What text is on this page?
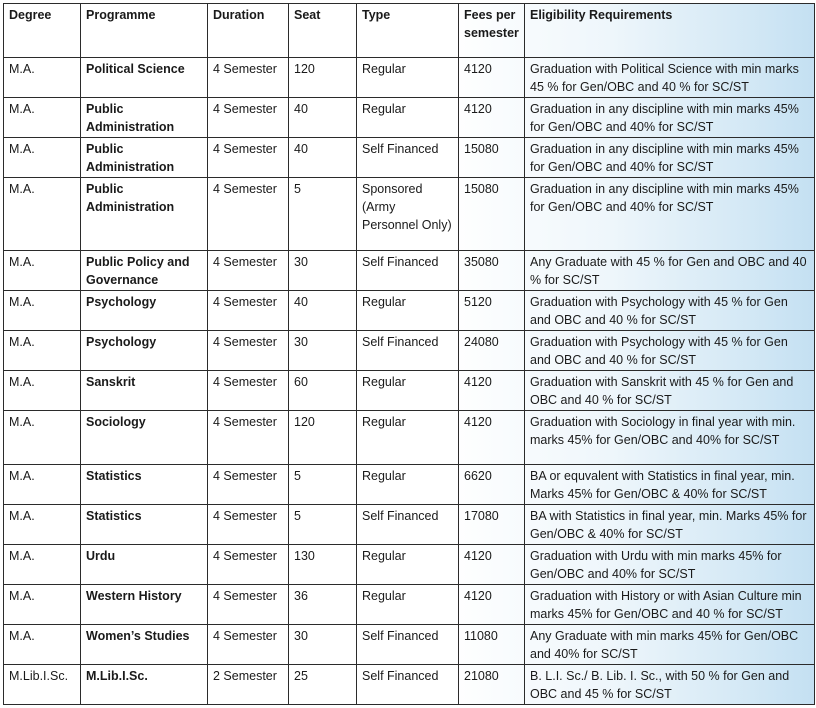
Degree	Programme	Duration	Seat	Type	Fees per semester	Eligibility Requirements
M.A.	Political Science	4 Semester	120	Regular	4120	Graduation with Political Science with min marks 45 % for Gen/OBC and 40 % for SC/ST
M.A.	Public Administration	4 Semester	40	Regular	4120	Graduation in any discipline with min marks 45% for Gen/OBC and 40% for SC/ST
M.A.	Public Administration	4 Semester	40	Self Financed	15080	Graduation in any discipline with min marks 45% for Gen/OBC and 40% for SC/ST
M.A.	Public Administration	4 Semester	5	Sponsored (Army Personnel Only)	15080	Graduation in any discipline with min marks 45% for Gen/OBC and 40% for SC/ST
M.A.	Public Policy and Governance	4 Semester	30	Self Financed	35080	Any Graduate with 45 % for Gen and OBC and 40 % for SC/ST
M.A.	Psychology	4 Semester	40	Regular	5120	Graduation with Psychology with 45 % for Gen and OBC and 40 % for SC/ST
M.A.	Psychology	4 Semester	30	Self Financed	24080	Graduation with Psychology with 45 % for Gen and OBC and 40 % for SC/ST
M.A.	Sanskrit	4 Semester	60	Regular	4120	Graduation with Sanskrit with 45 % for Gen and OBC and 40 % for SC/ST
M.A.	Sociology	4 Semester	120	Regular	4120	Graduation with Sociology in final year with min. marks 45% for Gen/OBC and 40% for SC/ST
M.A.	Statistics	4 Semester	5	Regular	6620	BA or equvalent with Statistics in final year, min. Marks 45% for Gen/OBC & 40% for SC/ST
M.A.	Statistics	4 Semester	5	Self Financed	17080	BA with Statistics in final year, min. Marks 45% for Gen/OBC & 40% for SC/ST
M.A.	Urdu	4 Semester	130	Regular	4120	Graduation with Urdu with min marks 45% for Gen/OBC and 40% for SC/ST
M.A.	Western History	4 Semester	36	Regular	4120	Graduation with History or with Asian Culture min marks 45% for Gen/OBC and 40 % for SC/ST
M.A.	Women’s Studies	4 Semester	30	Self Financed	11080	Any Graduate with min marks 45% for Gen/OBC and 40% for SC/ST
M.Lib.I.Sc.	M.Lib.I.Sc.	2 Semester	25	Self Financed	21080	B. L.I. Sc./ B. Lib. I. Sc., with 50 % for Gen and OBC and 45 % for SC/ST
